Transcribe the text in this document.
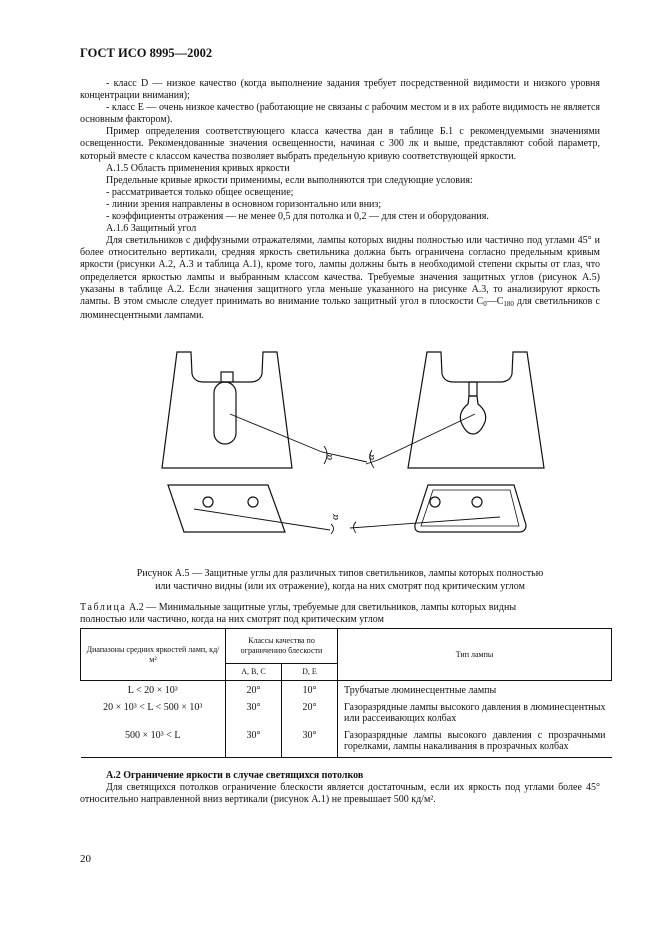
ГОСТ ИСО 8995—2002

- класс D — низкое качество (когда выполнение задания требует посредственной видимости и низкого уровня концентрации внимания);

- класс Е — очень низкое качество (работающие не связаны с рабочим местом и в их работе видимость не является основным фактором).

Пример определения соответствующего класса качества дан в таблице Б.1 с рекомендуемыми значениями освещенности. Рекомендованные значения освещенности, начиная с 300 лк и выше, представляют собой параметр, который вместе с классом качества позволяет выбрать предельную кривую соответствующей яркости.

А.1.5 Область применения кривых яркости

Предельные кривые яркости применимы, если выполняются три следующие условия:

- рассматривается только общее освещение;

- линии зрения направлены в основном горизонтально или вниз;

- коэффициенты отражения — не менее 0,5 для потолка и 0,2 — для стен и оборудования.

А.1.6 Защитный угол

Для светильников с диффузными отражателями, лампы которых видны полностью или частично под углами 45° и более относительно вертикали, средняя яркость светильника должна быть ограничена согласно предельным кривым яркости (рисунки А.2, А.3 и таблица А.1), кроме того, лампы должны быть в необходимой степени скрыты от глаз, что определяется яркостью лампы и выбранным классом качества. Требуемые значения защитных углов (рисунок А.5) указаны в таблице А.2. Если значения защитного угла меньше указанного на рисунке А.3, то анализируют яркость лампы. В этом смысле следует принимать во внимание только защитный угол в плоскости $C_0—C_{180}$ для светильников с люминесцентными лампами.

α	α
α
Рисунок А.5 — Защитные углы для различных типов светильников, лампы которых полностью
или частично видны (или их отражение), когда на них смотрят под критическим углом
Таблица А.2 — Минимальные защитные углы, требуемые для светильников, лампы которых видны
полностью или частично, когда на них смотрят под критическим углом
Диапазоны средних яркостей ламп, кд/м²	Классы качества по ограничению блескости		Тип лампы
	А, В, С	D, Е	
L < 20 × 10³	20°	10°	Трубчатые люминесцентные лампы
20 × 10³ < L < 500 × 10³	30°	20°	Газоразрядные лампы высокого давления в люминесцентных или рассеивающих колбах
500 × 10³ < L	30°	30°	Газоразрядные лампы высокого давления с прозрачными горелками, лампы накаливания в прозрачных колбах
А.2 Ограничение яркости в случае светящихся потолков
Для светящихся потолков ограничение блескости является достаточным, если их яркость под углами более 45° относительно направленной вниз вертикали (рисунок А.1) не превышает 500 кд/м².
20
